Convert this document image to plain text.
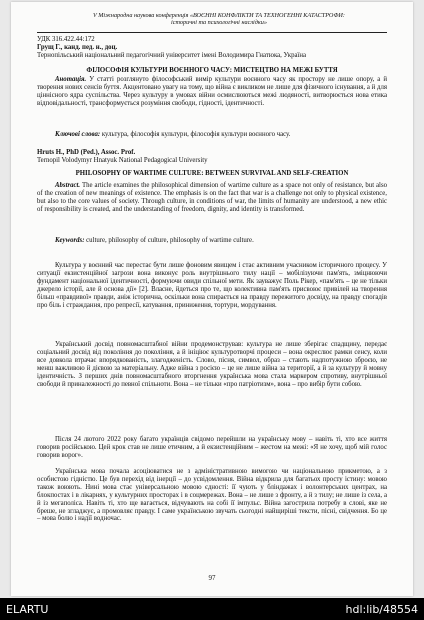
V Міжнародна наукова конференція «ВОЄННІ КОНФЛІКТИ ТА ТЕХНОГЕННІ КАТАСТРОФИ:
історичні та психологічні наслідки»

УДК 316.422.44:172

Грущ Г., канд. пед. н., доц.

Тернопільський національний педагогічний університет імені Володимира Гнатюка, Україна

ФІЛОСОФІЯ КУЛЬТУРИ ВОЄННОГО ЧАСУ: МИСТЕЦТВО НА МЕЖІ БУТТЯ
Анотація. У статті розглянуто філософський вимір культури воєнного часу як простору не лише опору, а й творення нових сенсів буття. Акцентовано увагу на тому, що війна є викликом не лише для фізичного існування, а й для ціннісного ядра суспільства. Через культуру в умовах війни осмислюються межі людяності, витворюється нова етика відповідальності, трансформується розуміння свободи, гідності, ідентичності.
Ключові слова: культура, філософія культури, філософія культури воєнного часу.

Hruts H., PhD (Ped.), Assoc. Prof.

Ternopil Volodymyr Hnatyuk National Pedagogical University

PHILOSOPHY OF WARTIME CULTURE: BETWEEN SURVIVAL AND SELF-CREATION
Abstract. The article examines the philosophical dimension of wartime culture as a space not only of resistance, but also of the creation of new meanings of existence. The emphasis is on the fact that war is a challenge not only to physical existence, but also to the core values of society. Through culture, in conditions of war, the limits of humanity are understood, a new ethic of responsibility is created, and the understanding of freedom, dignity, and identity is transformed.
Keywords: culture, philosophy of culture, philosophy of wartime culture.
Культура у воєнний час перестає бути лише фоновим явищем і стає активним учасником історичного процесу. У ситуації екзистенційної загрози вона виконує роль внутрішнього тилу нації – мобілізуючи пам'ять, зміцнюючи фундамент національної ідентичності, формуючи овиди спільної мети. Як зауважує Поль Рікер, «пам'ять – це не тільки джерело історії, але й основа дії» [2]. Власне, йдеться про те, що колективна пам'ять присвоює привілей на творення більш «правдивої» правди, аніж історична, оскільки вона спирається на правду пережитого досвіду, на правду спогадів про біль і страждання, про репресії, катування, приниження, тортури, мордування.
Український досвід повномасштабної війни продемонстрував: культура не лише зберігає спадщину, передає соціальний досвід від покоління до покоління, а й ініціює культуротворчі процеси – вона окреслює рамки сенсу, коли все довкола втрачає впорядкованість, злагодженість. Слово, пісня, символ, образ – стають надпотужною зброєю, не менш важливою й дієвою за матеріальну. Адже війна з росією – це не лише війна за території, а й за культуру й мовну ідентичність. З перших днів повномасштабного вторгнення українська мова стала маркером спротиву, внутрішньої свободи й приналежності до певної спільноти. Вона – не тільки «про патріотизм», вона – про вибір бути собою.
Після 24 лютого 2022 року багато українців свідомо перейшли на українську мову – навіть ті, хто все життя говорив російською. Цей крок став не лише етичним, а й екзистенційним – жестом на межі: «Я не хочу, щоб мій голос говорив ворог».
Українська мова почала асоціюватися не з адміністративною вимогою чи національною прикметою, а з особистою гідністю. Це був перехід від інерції – до усвідомлення. Війна відкрила для багатьох просту істину: мовою також воюють. Нині мова стає універсальною мовою єдності: її чують у бліндажах і волонтерських центрах, на блокпостах і в лікарнях, у культурних просторах і в соцмережах. Вона – не лише з фронту, а й з тилу; не лише із села, а й із мегаполіса. Навіть ті, хто ще вагається, відчувають на собі її імпульс. Війна загострила потребу в слові, яке не бреше, не згладжує, а промовляє правду. І саме українською звучать сьогодні найщиріші тексти, пісні, свідчення. Бо це – мова болю і надії водночас.
97
ELARTU	hdl:lib/48554
